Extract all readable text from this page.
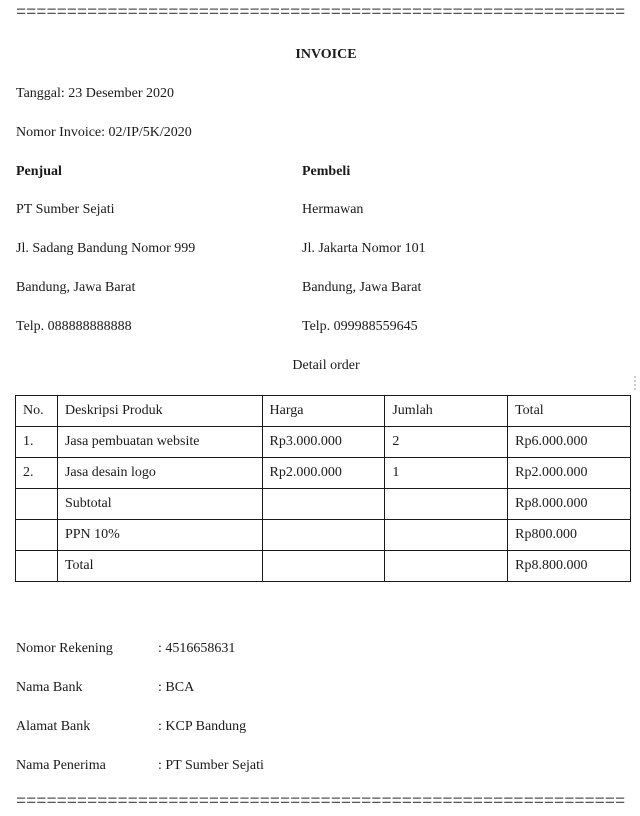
============================================================
INVOICE
Tanggal: 23 Desember 2020
Nomor Invoice: 02/IP/5K/2020
Penjual
PT Sumber Sejati
Jl. Sadang Bandung Nomor 999
Bandung, Jawa Barat
Telp. 088888888888
Pembeli
Hermawan
Jl. Jakarta Nomor 101
Bandung, Jawa Barat
Telp. 099988559645
Detail order
No.	Deskripsi Produk	Harga	Jumlah	Total
1.	Jasa pembuatan website	Rp3.000.000	2	Rp6.000.000
2.	Jasa desain logo	Rp2.000.000	1	Rp2.000.000
	Subtotal			Rp8.000.000
	PPN 10%			Rp800.000
	Total			Rp8.800.000
Nomor Rekening	: 4516658631
Nama Bank	: BCA
Alamat Bank	: KCP Bandung
Nama Penerima	: PT Sumber Sejati
============================================================
